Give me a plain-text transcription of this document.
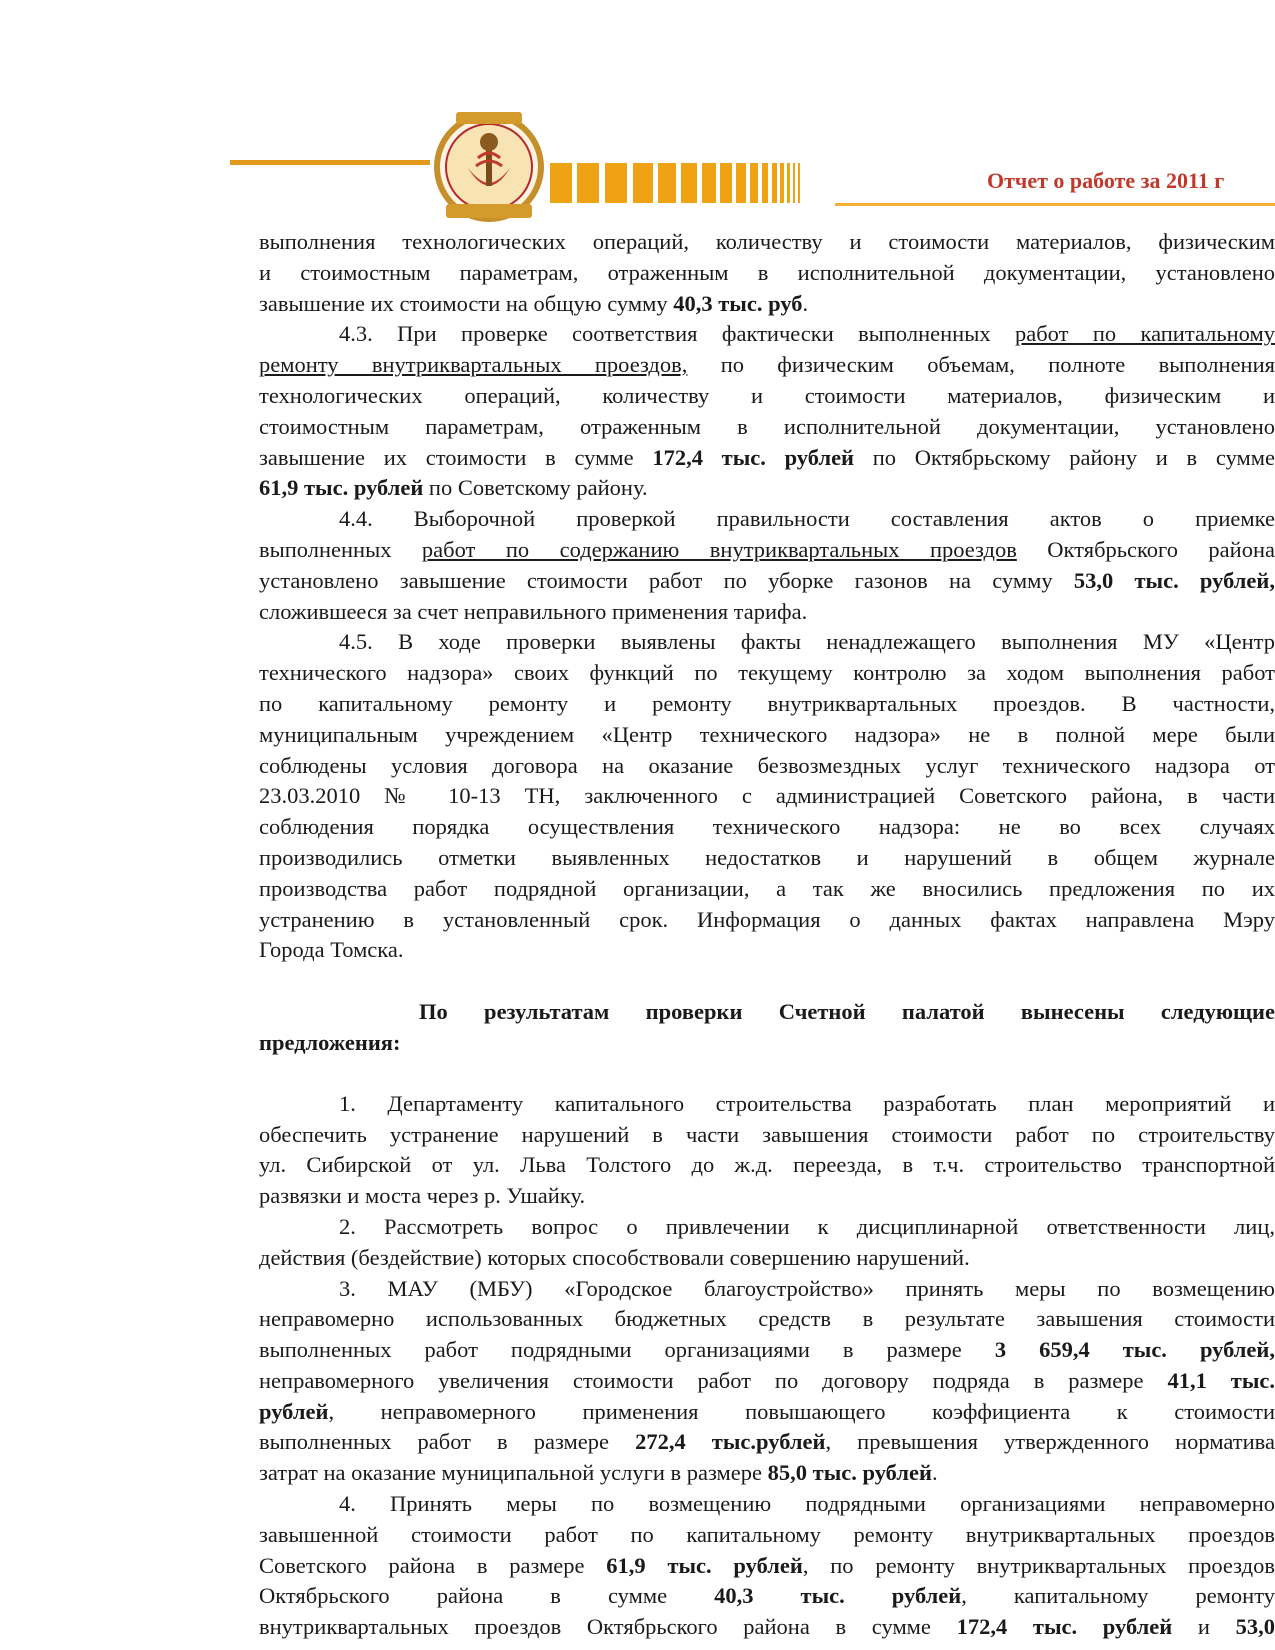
Отчет о работе за 2011 г

выполнения технологических операций, количеству и стоимости материалов, физическим

и стоимостным параметрам, отраженным в исполнительной документации, установлено

завышение их стоимости на общую сумму 40,3 тыс. руб.

4.3. При проверке соответствия фактически выполненных работ по капитальному

ремонту внутриквартальных проездов, по физическим объемам, полноте выполнения

технологических операций, количеству и стоимости материалов, физическим и

стоимостным параметрам, отраженным в исполнительной документации, установлено

завышение их стоимости в сумме 172,4 тыс. рублей по Октябрьскому району и в сумме

61,9 тыс. рублей по Советскому району.

4.4. Выборочной проверкой правильности составления актов о приемке

выполненных работ по содержанию внутриквартальных проездов Октябрьского района

установлено завышение стоимости работ по уборке газонов на сумму 53,0 тыс. рублей,

сложившееся за счет неправильного применения тарифа.

4.5. В ходе проверки выявлены факты ненадлежащего выполнения МУ «Центр

технического надзора» своих функций по текущему контролю за ходом выполнения работ

по капитальному ремонту и ремонту внутриквартальных проездов. В частности,

муниципальным учреждением «Центр технического надзора» не в полной мере были

соблюдены условия договора на оказание безвозмездных услуг технического надзора от

23.03.2010 № 10-13 ТН, заключенного с администрацией Советского района, в части

соблюдения порядка осуществления технического надзора: не во всех случаях

производились отметки выявленных недостатков и нарушений в общем журнале

производства работ подрядной организации, а так же вносились предложения по их

устранению в установленный срок. Информация о данных фактах направлена Мэру

Города Томска.

По результатам проверки Счетной палатой вынесены следующие

предложения:

1. Департаменту капитального строительства разработать план мероприятий и

обеспечить устранение нарушений в части завышения стоимости работ по строительству

ул. Сибирской от ул. Льва Толстого до ж.д. переезда, в т.ч. строительство транспортной

развязки и моста через р. Ушайку.

2. Рассмотреть вопрос о привлечении к дисциплинарной ответственности лиц,

действия (бездействие) которых способствовали совершению нарушений.

3. МАУ (МБУ) «Городское благоустройство» принять меры по возмещению

неправомерно использованных бюджетных средств в результате завышения стоимости

выполненных работ подрядными организациями в размере 3 659,4 тыс. рублей,

неправомерного увеличения стоимости работ по договору подряда в размере 41,1 тыс.

рублей, неправомерного применения повышающего коэффициента к стоимости

выполненных работ в размере 272,4 тыс.рублей, превышения утвержденного норматива

затрат на оказание муниципальной услуги в размере 85,0 тыс. рублей.

4. Принять меры по возмещению подрядными организациями неправомерно

завышенной стоимости работ по капитальному ремонту внутриквартальных проездов

Советского района в размере 61,9 тыс. рублей, по ремонту внутриквартальных проездов

Октябрьского района в сумме 40,3 тыс. рублей, капитальному ремонту

внутриквартальных проездов Октябрьского района в сумме 172,4 тыс. рублей и 53,0
